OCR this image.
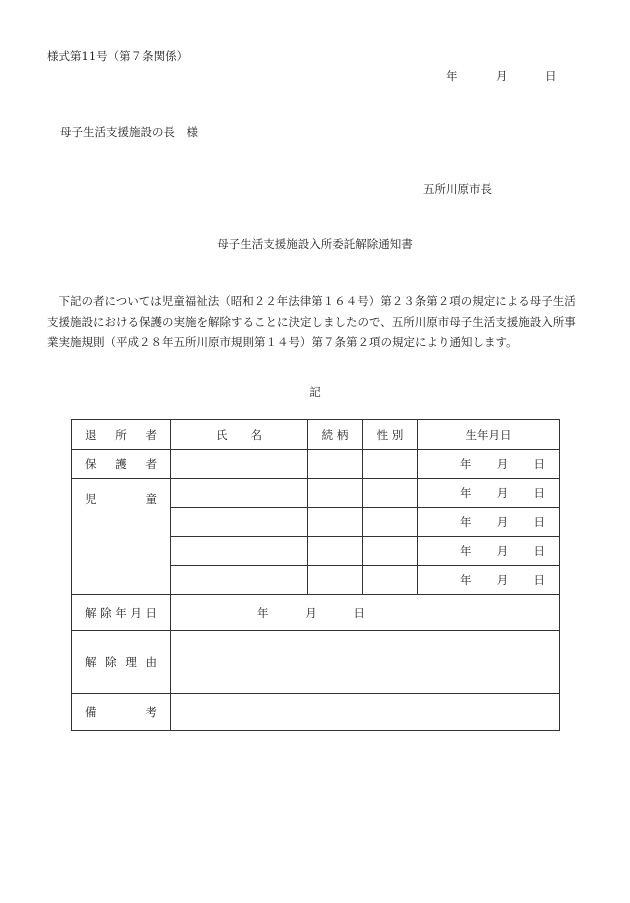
様式第11号（第７条関係）
年	月	日
母子生活支援施設の長　様
五所川原市長
母子生活支援施設入所委託解除通知書
下記の者については児童福祉法（昭和２２年法律第１６４号）第２３条第２項の規定による母子生活支援施設における保護の実施を解除することに決定しましたので、五所川原市母子生活支援施設入所事業実施規則（平成２８年五所川原市規則第１４号）第７条第２項の規定により通知します。
記
退 所 者	氏　　名	続 柄	性 別	生年月日

保 護 者				年 月 日

児 童				年 月 日

				年 月 日

				年 月 日

				年 月 日

解 除 年 月 日	年 月 日			

解 除 理 由				

備 考				
